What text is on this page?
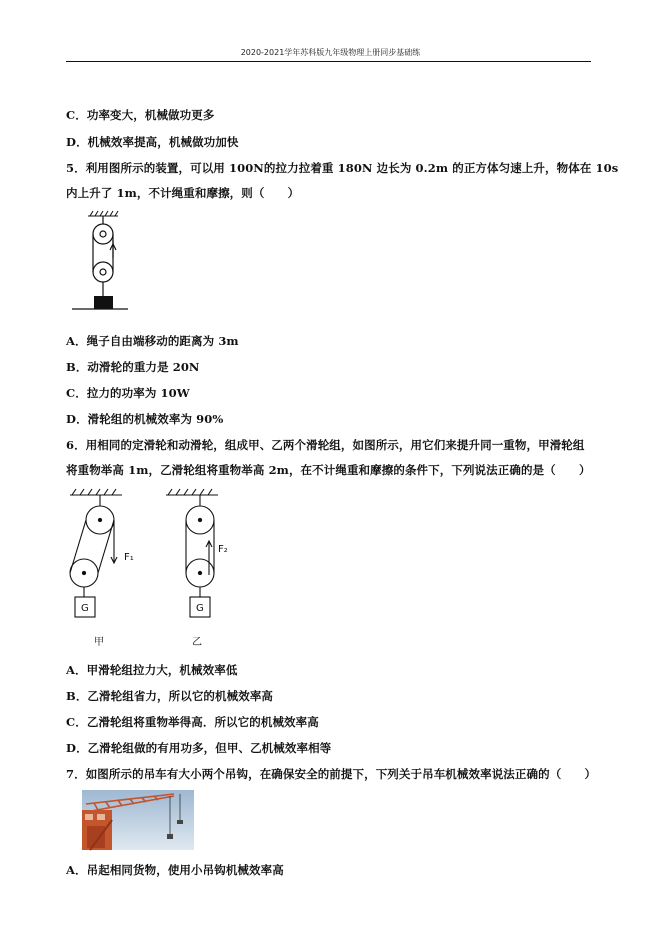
2020-2021学年苏科版九年级物理上册同步基础练
C．功率变大，机械做功更多
D．机械效率提高，机械做功加快
5．利用图所示的装置，可以用 100N的拉力拉着重 180N 边长为 0.2m 的正方体匀速上升，物体在 10s
内上升了 1m，不计绳重和摩擦，则（　　）
A．绳子自由端移动的距离为 3m
B．动滑轮的重力是 20N
C．拉力的功率为 10W
D．滑轮组的机械效率为 90%
6．用相同的定滑轮和动滑轮，组成甲、乙两个滑轮组，如图所示，用它们来提升同一重物，甲滑轮组
将重物举高 1m，乙滑轮组将重物举高 2m，在不计绳重和摩擦的条件下，下列说法正确的是（　　）
G
F₁
甲
G
F₂
乙
A．甲滑轮组拉力大，机械效率低
B．乙滑轮组省力，所以它的机械效率高
C．乙滑轮组将重物举得高．所以它的机械效率高
D．乙滑轮组做的有用功多，但甲、乙机械效率相等
7．如图所示的吊车有大小两个吊钩，在确保安全的前提下，下列关于吊车机械效率说法正确的（　　）
A．吊起相同货物，使用小吊钩机械效率高
